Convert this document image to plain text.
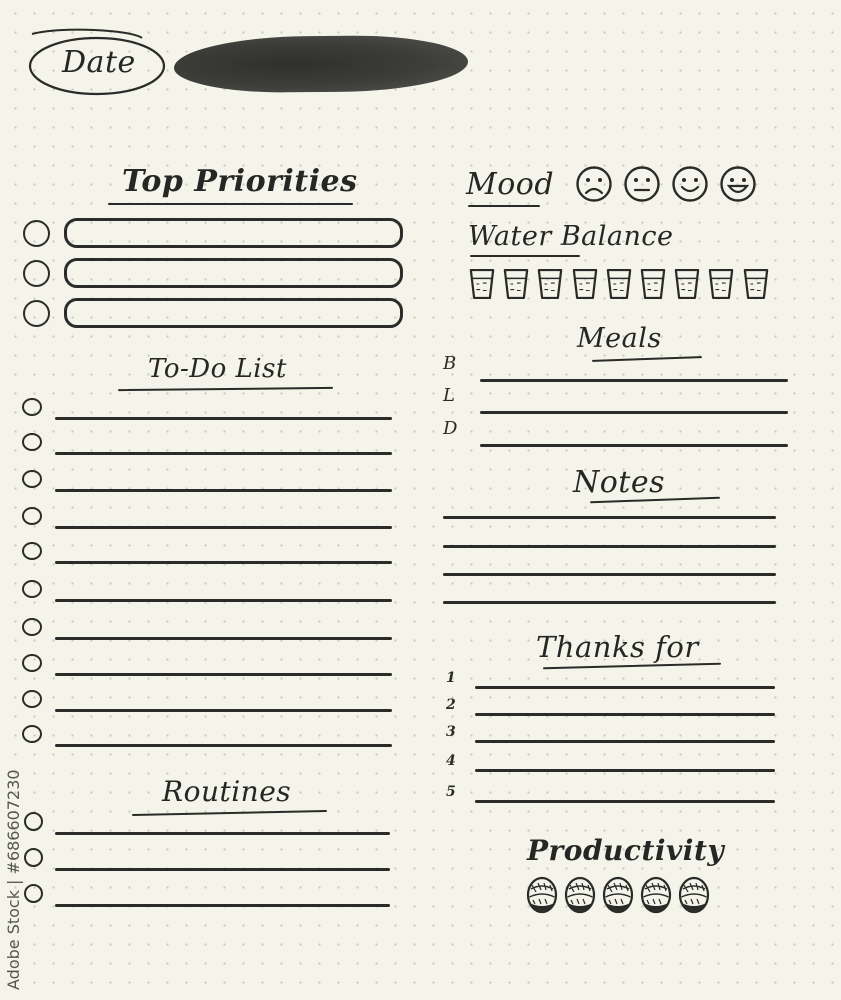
Date
Top Priorities
To-Do List
Routines
Mood
Water Balance
Meals
B
L
D
Notes
Thanks for
1
2
3
4
5
Productivity
Adobe Stock | #686607230
